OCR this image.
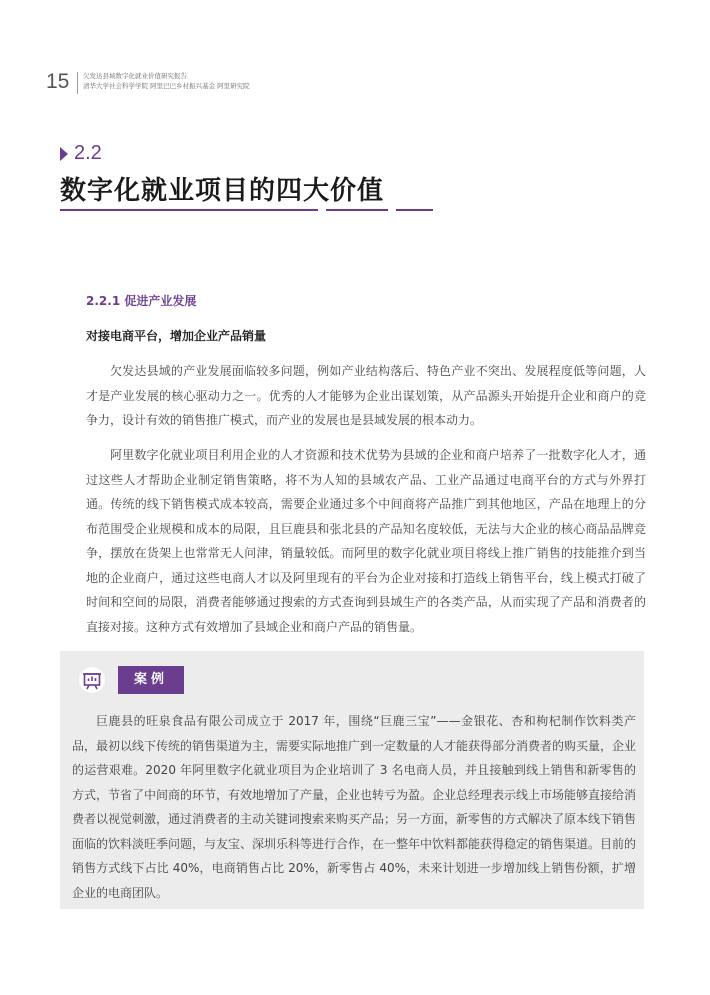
15 欠发达县域数字化就业价值研究报告
清华大学社会科学学院 阿里巴巴乡村振兴基金 阿里研究院
2.2
数字化就业项目的四大价值
2.2.1 促进产业发展
对接电商平台，增加企业产品销量

欠发达县域的产业发展面临较多问题，例如产业结构落后、特色产业不突出、发展程度低等问题，人才是产业发展的核心驱动力之一。优秀的人才能够为企业出谋划策，从产品源头开始提升企业和商户的竞争力，设计有效的销售推广模式，而产业的发展也是县域发展的根本动力。

阿里数字化就业项目利用企业的人才资源和技术优势为县域的企业和商户培养了一批数字化人才，通过这些人才帮助企业制定销售策略，将不为人知的县域农产品、工业产品通过电商平台的方式与外界打通。传统的线下销售模式成本较高，需要企业通过多个中间商将产品推广到其他地区，产品在地理上的分布范围受企业规模和成本的局限，且巨鹿县和张北县的产品知名度较低，无法与大企业的核心商品品牌竞争，摆放在货架上也常常无人问津，销量较低。而阿里的数字化就业项目将线上推广销售的技能推介到当地的企业商户，通过这些电商人才以及阿里现有的平台为企业对接和打造线上销售平台，线上模式打破了时间和空间的局限，消费者能够通过搜索的方式查询到县域生产的各类产品，从而实现了产品和消费者的直接对接。这种方式有效增加了县域企业和商户产品的销售量。

案例

巨鹿县的旺泉食品有限公司成立于 2017 年，围绕“巨鹿三宝”——金银花、杏和枸杞制作饮料类产品，最初以线下传统的销售渠道为主，需要实际地推广到一定数量的人才能获得部分消费者的购买量，企业的运营艰难。2020 年阿里数字化就业项目为企业培训了 3 名电商人员，并且接触到线上销售和新零售的方式，节省了中间商的环节，有效地增加了产量，企业也转亏为盈。企业总经理表示线上市场能够直接给消费者以视觉刺激，通过消费者的主动关键词搜索来购买产品；另一方面，新零售的方式解决了原本线下销售面临的饮料淡旺季问题，与友宝、深圳乐科等进行合作，在一整年中饮料都能获得稳定的销售渠道。目前的销售方式线下占比 40%，电商销售占比 20%，新零售占 40%，未来计划进一步增加线上销售份额，扩增企业的电商团队。
